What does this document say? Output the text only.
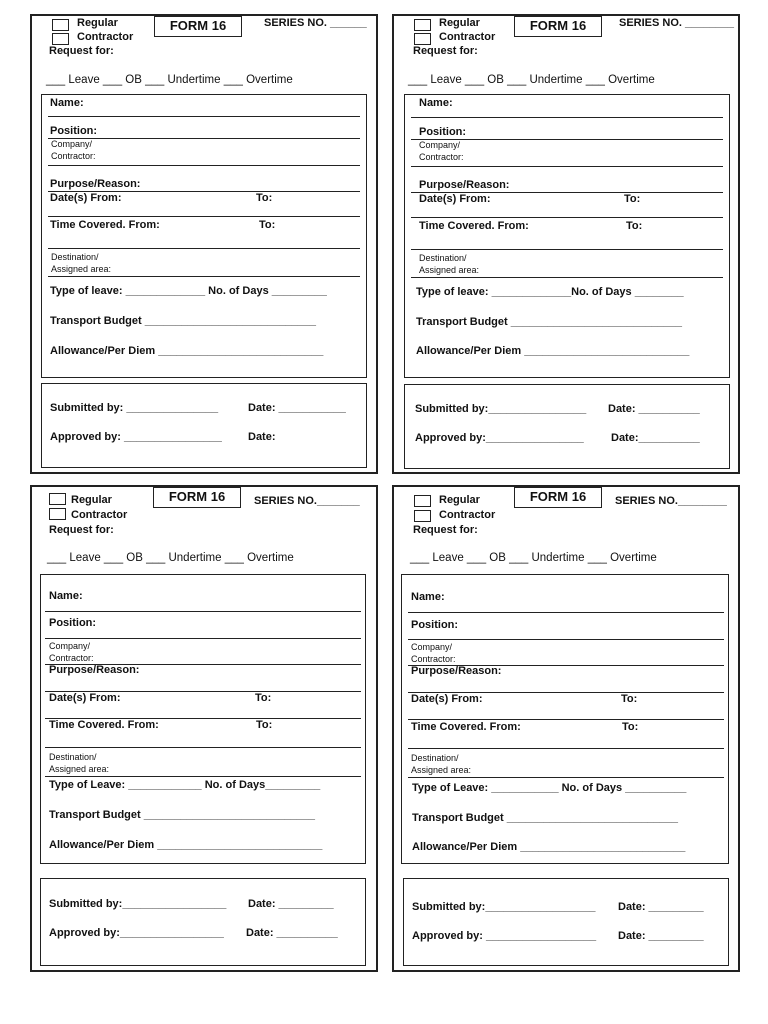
Regular
Contractor
FORM 16	SERIES NO. ______
Request for:
___ Leave ___ OB ___ Undertime ___ Overtime
Name:
Position:
Company/
Contractor:
Purpose/Reason:
Date(s) From:	To:
Time Covered. From:	To:
Destination/
Assigned area:
Type of leave: _____________ No. of Days _________
Transport Budget ____________________________
Allowance/Per Diem ___________________________
Submitted by: _______________	Date: ___________
Approved by: ________________ Date:
Regular
Contractor
FORM 16	SERIES NO. ________
Request for:
___ Leave ___ OB ___ Undertime ___ Overtime
Name:
Position:
Company/
Contractor:
Purpose/Reason:
Date(s) From:	To:
Time Covered. From:	To:
Destination/
Assigned area:
Type of leave: _____________No. of Days ________
Transport Budget ____________________________
Allowance/Per Diem ___________________________
Submitted by:________________ Date: __________
Approved by:________________ Date:__________
Regular
Contractor
FORM 16	SERIES NO._______
Request for:
___ Leave ___ OB ___ Undertime ___ Overtime
Name:
Position:
Company/
Contractor:
Purpose/Reason:
Date(s) From:	To:
Time Covered. From:	To:
Destination/
Assigned area:
Type of Leave: ____________ No. of Days_________
Transport Budget ____________________________
Allowance/Per Diem ___________________________
Submitted by:_________________ Date: _________
Approved by:_________________ Date: __________
Regular
Contractor
FORM 16	SERIES NO.________
Request for:
___ Leave ___ OB ___ Undertime ___ Overtime
Name:
Position:
Company/
Contractor:
Purpose/Reason:
Date(s) From:	To:
Time Covered. From:	To:
Destination/
Assigned area:
Type of Leave: ___________ No. of Days __________
Transport Budget ____________________________
Allowance/Per Diem ___________________________
Submitted by:__________________ Date: _________
Approved by: __________________ Date: _________
